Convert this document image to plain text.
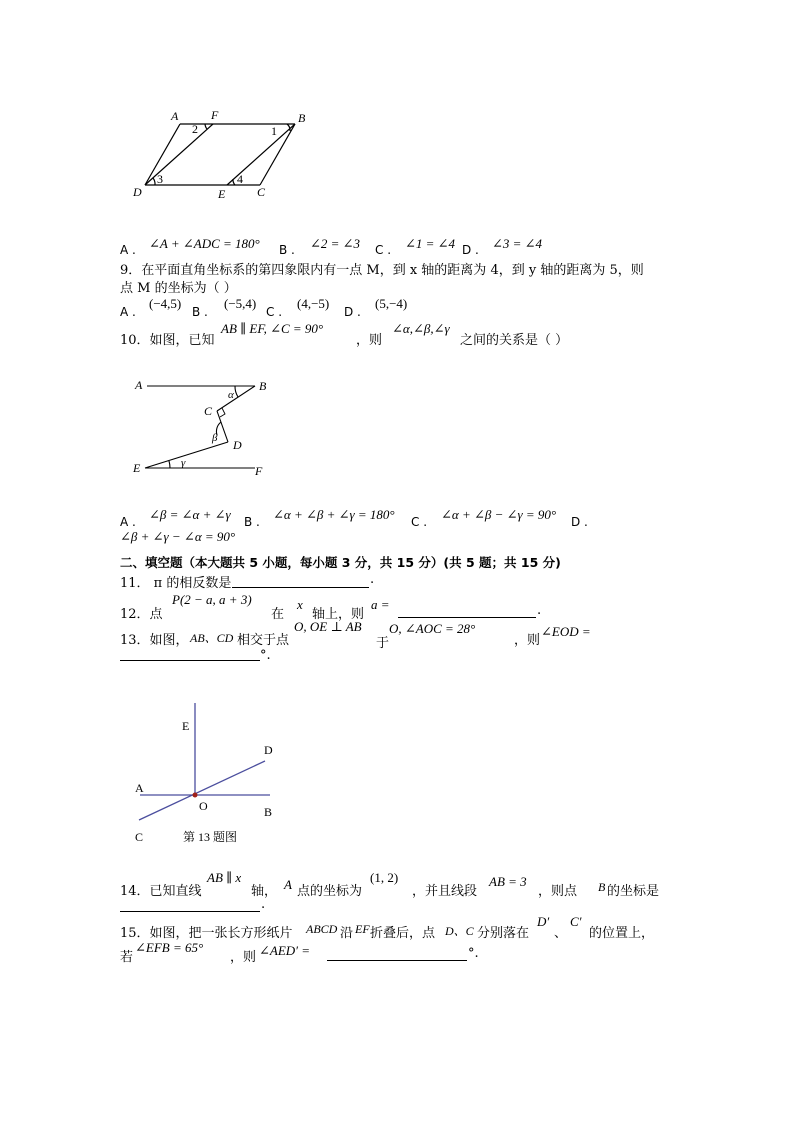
A	F	B
D	E	C
1
2
3	4
A . ∠A + ∠ADC = 180° B . ∠2 = ∠3 C . ∠1 = ∠4 D . ∠3 = ∠4
9．在平面直角坐标系的第四象限内有一点 M，到 x 轴的距离为 4，到 y 轴的距离为 5，则
点 M 的坐标为（ ）
A .
(−4,5)
B .
(−5,4)
C .
(4,−5)
D .
(5,−4)
10．如图，已知
AB ∥ EF, ∠C = 90°
，则
∠α,∠β,∠γ
之间的关系是（ ）
A	B
C
D
E	F
α
β
γ
A . ∠β = ∠α + ∠γ B . ∠α + ∠β + ∠γ = 180° C . ∠α + ∠β − ∠γ = 90° D .
∠β + ∠γ − ∠α = 90°
二、填空题（本大题共 5 小题，每小题 3 分，共 15 分）(共 5 题；共 15 分)
11． π 的相反数是	.
12．点
P(2 − a, a + 3)
在
x
轴上，则
a =	.
13．如图， AB、CD 相交于点
O, OE ⊥ AB
于
O, ∠AOC = 28°
，则
∠EOD =
°.
E
D
A
O	B
C	第 13 题图
14．已知直线
AB ∥ x
轴， A 点的坐标为
(1, 2)
，并且线段
AB = 3
，则点 B 的坐标是
.
15．如图，把一张长方形纸片 ABCD 沿 EF 折叠后，点 D、C 分别落在
D′
、
C′
的位置上，
若
∠EFB = 65°
，则 ∠AED′ =	°.
